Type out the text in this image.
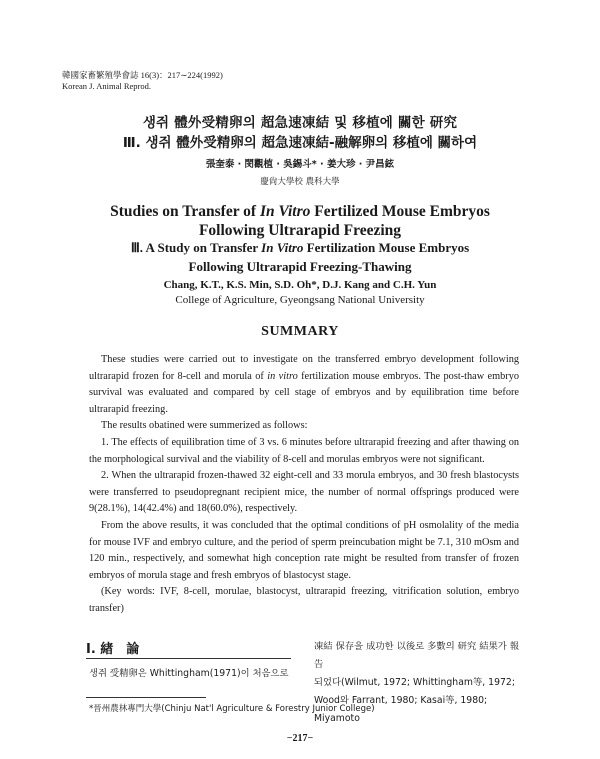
韓國家畜繁殖學會誌 16(3)：217∼224(1992)
Korean J. Animal Reprod.
생쥐 體外受精卵의 超急速凍結 및 移植에 關한 研究
Ⅲ. 생쥐 體外受精卵의 超急速凍結-融解卵의 移植에 關하여
張奎泰 · 閔觀植 · 吳錫斗* · 姜大珍 · 尹昌鉉
慶尙大學校 農科大學
Studies on Transfer of In Vitro Fertilized Mouse Embryos
Following Ultrarapid Freezing
Ⅲ. A Study on Transfer In Vitro Fertilization Mouse Embryos
Following Ultrarapid Freezing-Thawing
Chang, K.T., K.S. Min, S.D. Oh*, D.J. Kang and C.H. Yun
College of Agriculture, Gyeongsang National University
SUMMARY

These studies were carried out to investigate on the transferred embryo development following ultrarapid frozen for 8-cell and morula of in vitro fertilization mouse embryos. The post-thaw embryo survival was evaluated and compared by cell stage of embryos and by equilibration time before ultrarapid freezing.

The results obatined were summerized as follows:

1. The effects of equilibration time of 3 vs. 6 minutes before ultrarapid freezing and after thawing on the morphological survival and the viability of 8-cell and morulas embryos were not significant.

2. When the ultrarapid frozen-thawed 32 eight-cell and 33 morula embryos, and 30 fresh blastocysts were transferred to pseudopregnant recipient mice, the number of normal offsprings produced were 9(28.1%), 14(42.4%) and 18(60.0%), respectively.

From the above results, it was concluded that the optimal conditions of pH osmolality of the media for mouse IVF and embryo culture, and the period of sperm preincubation might be 7.1, 310 mOsm and 120 min., respectively, and somewhat high conception rate might be resulted from transfer of frozen embryos of morula stage and fresh embryos of blastocyst stage.

(Key words: IVF, 8-cell, morulae, blastocyst, ultrarapid freezing, vitrification solution, embryo transfer)

Ⅰ. 緖　論
생쥐 受精卵은 Whittingham(1971)이 처음으로
凍結 保存을 成功한 以後로 多數의 研究 結果가 報告
되었다(Wilmut, 1972; Whittingham等, 1972;
Wood와 Farrant, 1980; Kasai等, 1980; Miyamoto
*晉州農林專門大學(Chinju Nat'l Agriculture & Forestry Junior College)
−217−
